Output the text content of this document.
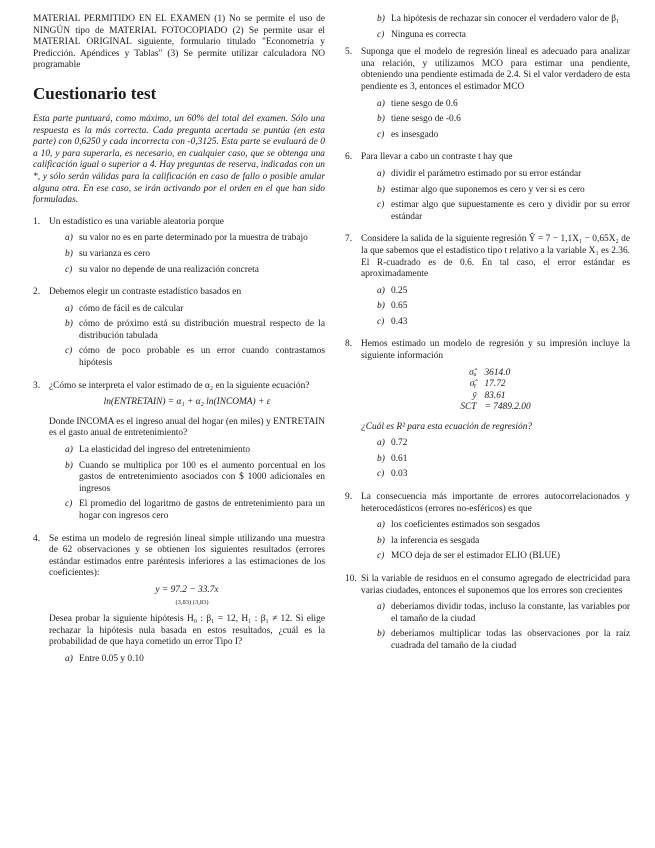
MATERIAL PERMITIDO EN EL EXAMEN (1) No se permite el uso de NINGÚN tipo de MATERIAL FOTOCOPIADO (2) Se permite usar el MATERIAL ORIGINAL siguiente, formulario titulado "Econometría y Predicción. Apéndices y Tablas" (3) Se permite utilizar calculadora NO programable

Cuestionario test

Esta parte puntuará, como máximo, un 60% del total del examen. Sólo una respuesta es la más correcta. Cada pregunta acertada se puntúa (en esta parte) con 0,6250 y cada incorrecta con -0,3125. Esta parte se evaluará de 0 a 10, y para superarla, es necesario, en cualquier caso, que se obtenga una calificación igual o superior a 4. Hay preguntas de reserva, indicadas con un *, y sólo serán válidas para la calificación en caso de fallo o posible anular alguna otra. En ese caso, se irán activando por el orden en el que han sido formuladas.

1. Un estadístico es una variable aleatoria porque
a) su valor no es en parte determinado por la muestra de trabajo
b) su varianza es cero
c) su valor no depende de una realización concreta
2. Debemos elegir un contraste estadístico basados en
a) cómo de fácil es de calcular
b) cómo de próximo está su distribución muestral respecto de la distribución tabulada
c) cómo de poco probable es un error cuando contrastamos hipótesis
3. ¿Cómo se interpreta el valor estimado de α₂ en la siguiente ecuación?
ln(ENTRETAIN) = α₁ + α₂ ln(INCOMA) + ε
Donde INCOMA es el ingreso anual del hogar (en miles) y ENTRETAIN es el gasto anual de entretenimiento?
a) La elasticidad del ingreso del entretenimiento
b) Cuando se multiplica por 100 es el aumento porcentual en los gastos de entretenimiento asociados con $ 1000 adicionales en ingresos
c) El promedio del logaritmo de gastos de entretenimiento para un hogar con ingresos cero
4. Se estima un modelo de regresión lineal simple utilizando una muestra de 62 observaciones y se obtienen los siguientes resultados (errores estándar estimados entre paréntesis inferiores a las estimaciones de los coeficientes):
y = 97.2 − 33.7x
(3,83) (3,83)
Desea probar la siguiente hipótesis H₀ : β₁ = 12, H₁ : β₁ ≠ 12. Si elige rechazar la hipótesis nula basada en estos resultados, ¿cuál es la probabilidad de que haya cometido un error Tipo I?
a) Entre 0.05 y 0.10
b) La hipótesis de rechazar sin conocer el verdadero valor de β₁
c) Ninguna es correcta
5. Suponga que el modelo de regresión lineal es adecuado para analizar una relación, y utilizamos MCO para estimar una pendiente, obteniendo una pendiente estimada de 2.4. Si el valor verdadero de esta pendiente es 3, entonces el estimador MCO
a) tiene sesgo de 0.6
b) tiene sesgo de -0.6
c) es insesgado
6. Para llevar a cabo un contraste t hay que
a) dividir el parámetro estimado por su error estándar
b) estimar algo que suponemos es cero y ver si es cero
c) estimar algo que supuestamente es cero y dividir por su error estándar
7. Considere la salida de la siguiente regresión Ŷ = 7 − 1,1X₁ − 0,65X₂ de la que sabemos que el estadístico tipo t relativo a la variable X₁ es 2.36. El R-cuadrado es de 0.6. En tal caso, el error estándar es aproximadamente
a) 0.25
b) 0.65
c) 0.43
8. Hemos estimado un modelo de regresión y su impresión incluye la siguiente información
σ̂ᵤ	3614.0
σ̂ᵧ	17.72
ȳ	83.61
SCT	= 7489.2.00
¿Cuál es R² para esta ecuación de regresión?
a) 0.72
b) 0.61
c) 0.03
9. La consecuencia más importante de errores autocorrelacionados y heterocedásticos (errores no-esféricos) es que
a) los coeficientes estimados son sesgados
b) la inferencia es sesgada
c) MCO deja de ser el estimador ELIO (BLUE)
10. Si la variable de residuos en el consumo agregado de electricidad para varias ciudades, entonces el suponemos que los errores son crecientes
a) deberíamos dividir todas, incluso la constante, las variables por el tamaño de la ciudad
b) deberíamos multiplicar todas las observaciones por la raíz cuadrada del tamaño de la ciudad
